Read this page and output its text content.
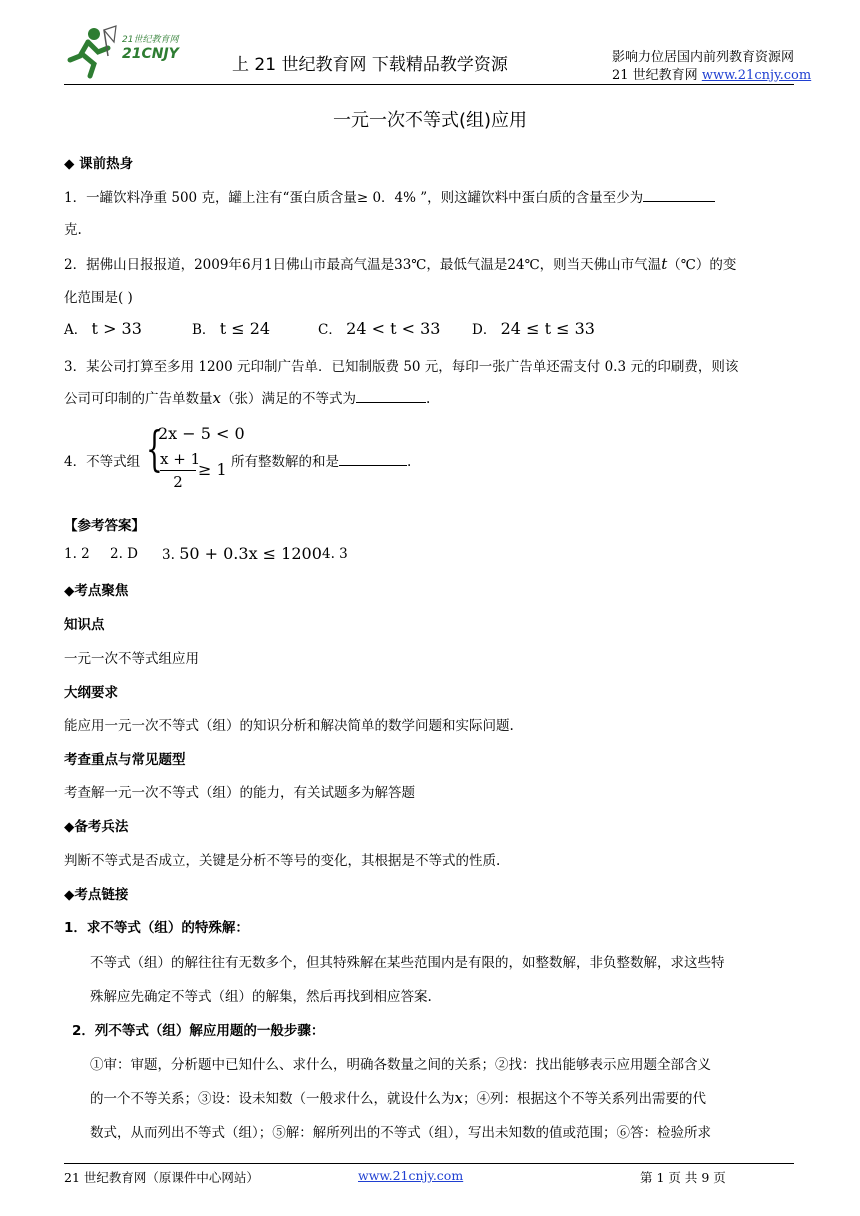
21世纪教育网
21CNJY
上 21 世纪教育网 下载精品教学资源	影响力位居国内前列教育资源网
21 世纪教育网 www.21cnjy.com
一元一次不等式(组)应用
◆ 课前热身
1．一罐饮料净重 500 克，罐上注有“蛋白质含量≥ 0．4% ”，则这罐饮料中蛋白质的含量至少为
克.
2．据佛山日报报道，2009年6月1日佛山市最高气温是33℃，最低气温是24℃，则当天佛山市气温t（℃）的变
化范围是( )
A． t > 33	B． t ≤ 24	C． 24 < t < 33 D． 24 ≤ t ≤ 33
3．某公司打算至多用 1200 元印制广告单．已知制版费 50 元，每印一张广告单还需支付 0.3 元的印刷费，则该
公司可印制的广告单数量x（张）满足的不等式为	.
4．不等式组 {
2x − 5 < 0
$\frac{x + 1}{2} \ge 1$ 所有整数解的和是	.
【参考答案】
1. 2 2. D 3. 50 + 0.3x ≤ 1200 4. 3
◆考点聚焦
知识点
一元一次不等式组应用
大纲要求
能应用一元一次不等式（组）的知识分析和解决简单的数学问题和实际问题.
考查重点与常见题型
考查解一元一次不等式（组）的能力，有关试题多为解答题
◆备考兵法
判断不等式是否成立，关键是分析不等号的变化，其根据是不等式的性质.
◆考点链接
1．求不等式（组）的特殊解：
不等式（组）的解往往有无数多个，但其特殊解在某些范围内是有限的，如整数解，非负整数解，求这些特
殊解应先确定不等式（组）的解集，然后再找到相应答案.
2．列不等式（组）解应用题的一般步骤：
①审：审题，分析题中已知什么、求什么，明确各数量之间的关系；②找：找出能够表示应用题全部含义
的一个不等关系；③设：设未知数（一般求什么，就设什么为x；④列：根据这个不等关系列出需要的代
数式，从而列出不等式（组）；⑤解：解所列出的不等式（组），写出未知数的值或范围；⑥答：检验所求
21 世纪教育网（原课件中心网站）	www.21cnjy.com	第 1 页 共 9 页
